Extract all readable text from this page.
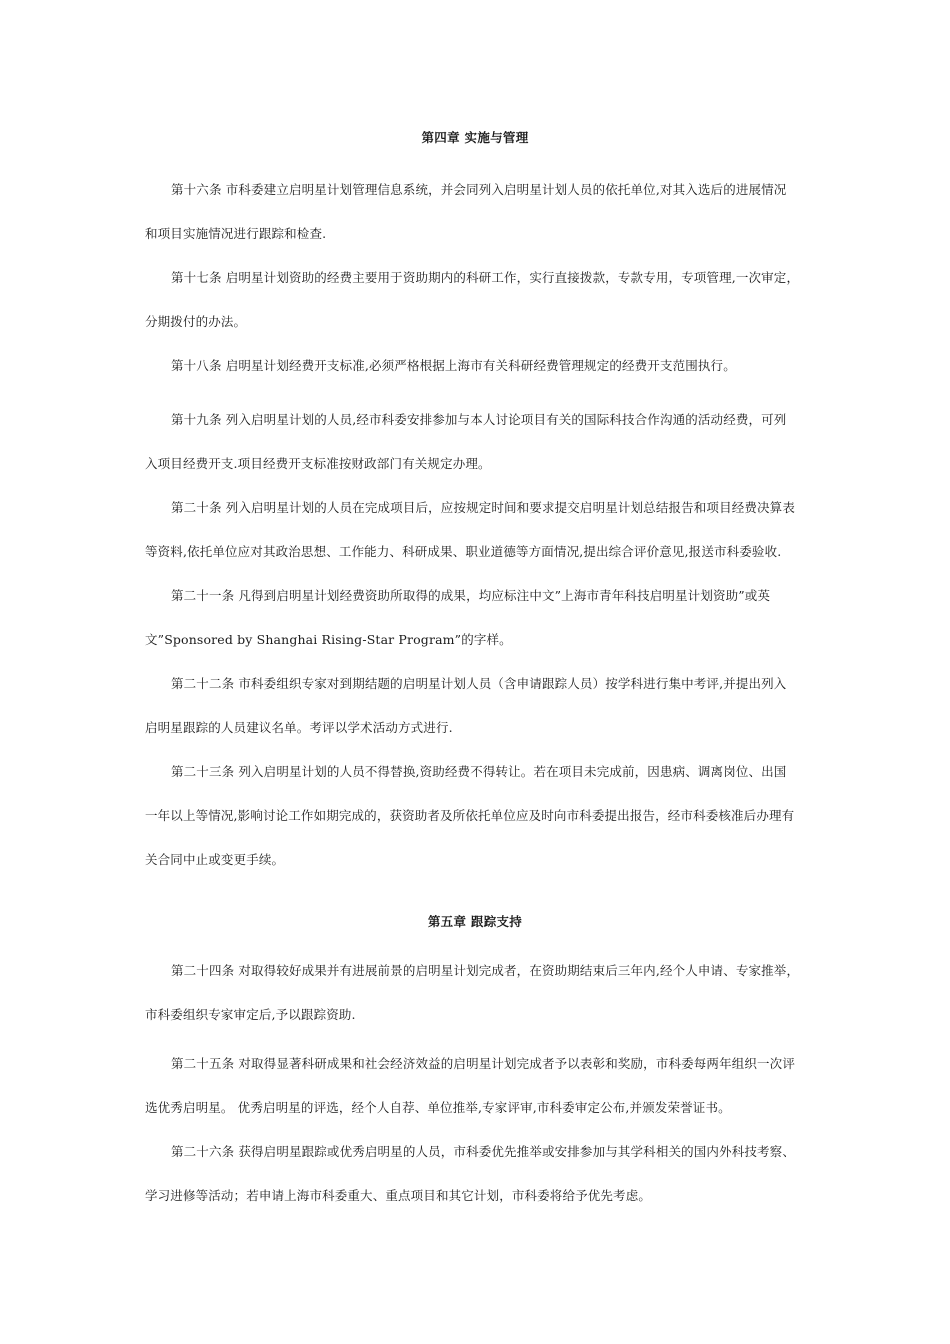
第四章 实施与管理
第十六条 市科委建立启明星计划管理信息系统，并会同列入启明星计划人员的依托单位,对其入选后的进展情况
和项目实施情况进行跟踪和检查.
第十七条 启明星计划资助的经费主要用于资助期内的科研工作，实行直接拨款，专款专用，专项管理,一次审定，
分期拨付的办法。
第十八条 启明星计划经费开支标准,必须严格根据上海市有关科研经费管理规定的经费开支范围执行。
第十九条 列入启明星计划的人员,经市科委安排参加与本人讨论项目有关的国际科技合作沟通的活动经费，可列
入项目经费开支.项目经费开支标准按财政部门有关规定办理。
第二十条 列入启明星计划的人员在完成项目后，应按规定时间和要求提交启明星计划总结报告和项目经费决算表
等资料,依托单位应对其政治思想、工作能力、科研成果、职业道德等方面情况,提出综合评价意见,报送市科委验收.
第二十一条 凡得到启明星计划经费资助所取得的成果，均应标注中文”上海市青年科技启明星计划资助”或英
文”Sponsored by Shanghai Rising-Star Program”的字样。
第二十二条 市科委组织专家对到期结题的启明星计划人员（含申请跟踪人员）按学科进行集中考评,并提出列入
启明星跟踪的人员建议名单。考评以学术活动方式进行.
第二十三条 列入启明星计划的人员不得替换,资助经费不得转让。若在项目未完成前，因患病、调离岗位、出国
一年以上等情况,影响讨论工作如期完成的，获资助者及所依托单位应及时向市科委提出报告，经市科委核准后办理有
关合同中止或变更手续。
第五章 跟踪支持
第二十四条 对取得较好成果并有进展前景的启明星计划完成者，在资助期结束后三年内,经个人申请、专家推举，
市科委组织专家审定后,予以跟踪资助.
第二十五条 对取得显著科研成果和社会经济效益的启明星计划完成者予以表彰和奖励，市科委每两年组织一次评
选优秀启明星。 优秀启明星的评选，经个人自荐、单位推举,专家评审,市科委审定公布,并颁发荣誉证书。
第二十六条 获得启明星跟踪或优秀启明星的人员，市科委优先推举或安排参加与其学科相关的国内外科技考察、
学习进修等活动；若申请上海市科委重大、重点项目和其它计划，市科委将给予优先考虑。
